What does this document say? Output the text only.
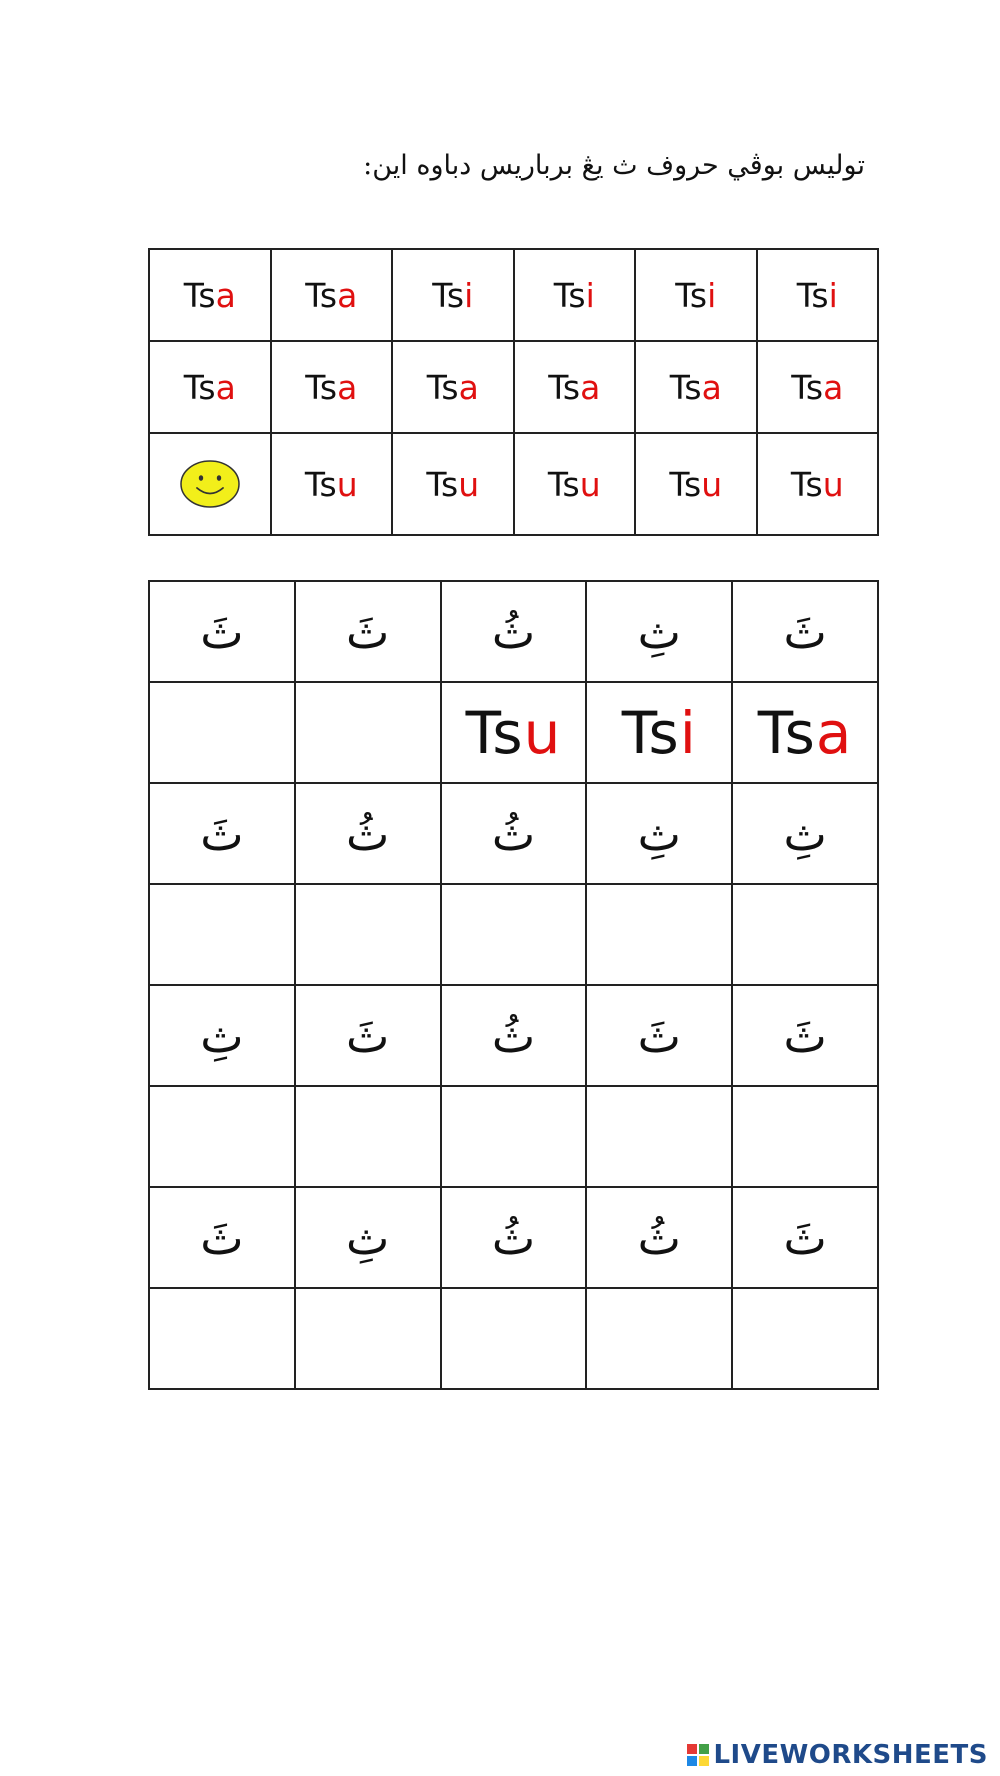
توليس بوڤي حروف ث يڠ برباريس دباوه اين:
Tsa	Tsa	Tsi	Tsi	Tsi	Tsi
Tsa	Tsa	Tsa	Tsa	Tsa	Tsa
	Tsu	Tsu	Tsu	Tsu	Tsu
ثَ	ثَ	ثُ	ثِ	ثَ
		Tsu	Tsi	Tsa
ثَ	ثُ	ثُ	ثِ	ثِ

ثِ	ثَ	ثُ	ثَ	ثَ

ثَ	ثِ	ثُ	ثُ	ثَ

LIVEWORKSHEETS
